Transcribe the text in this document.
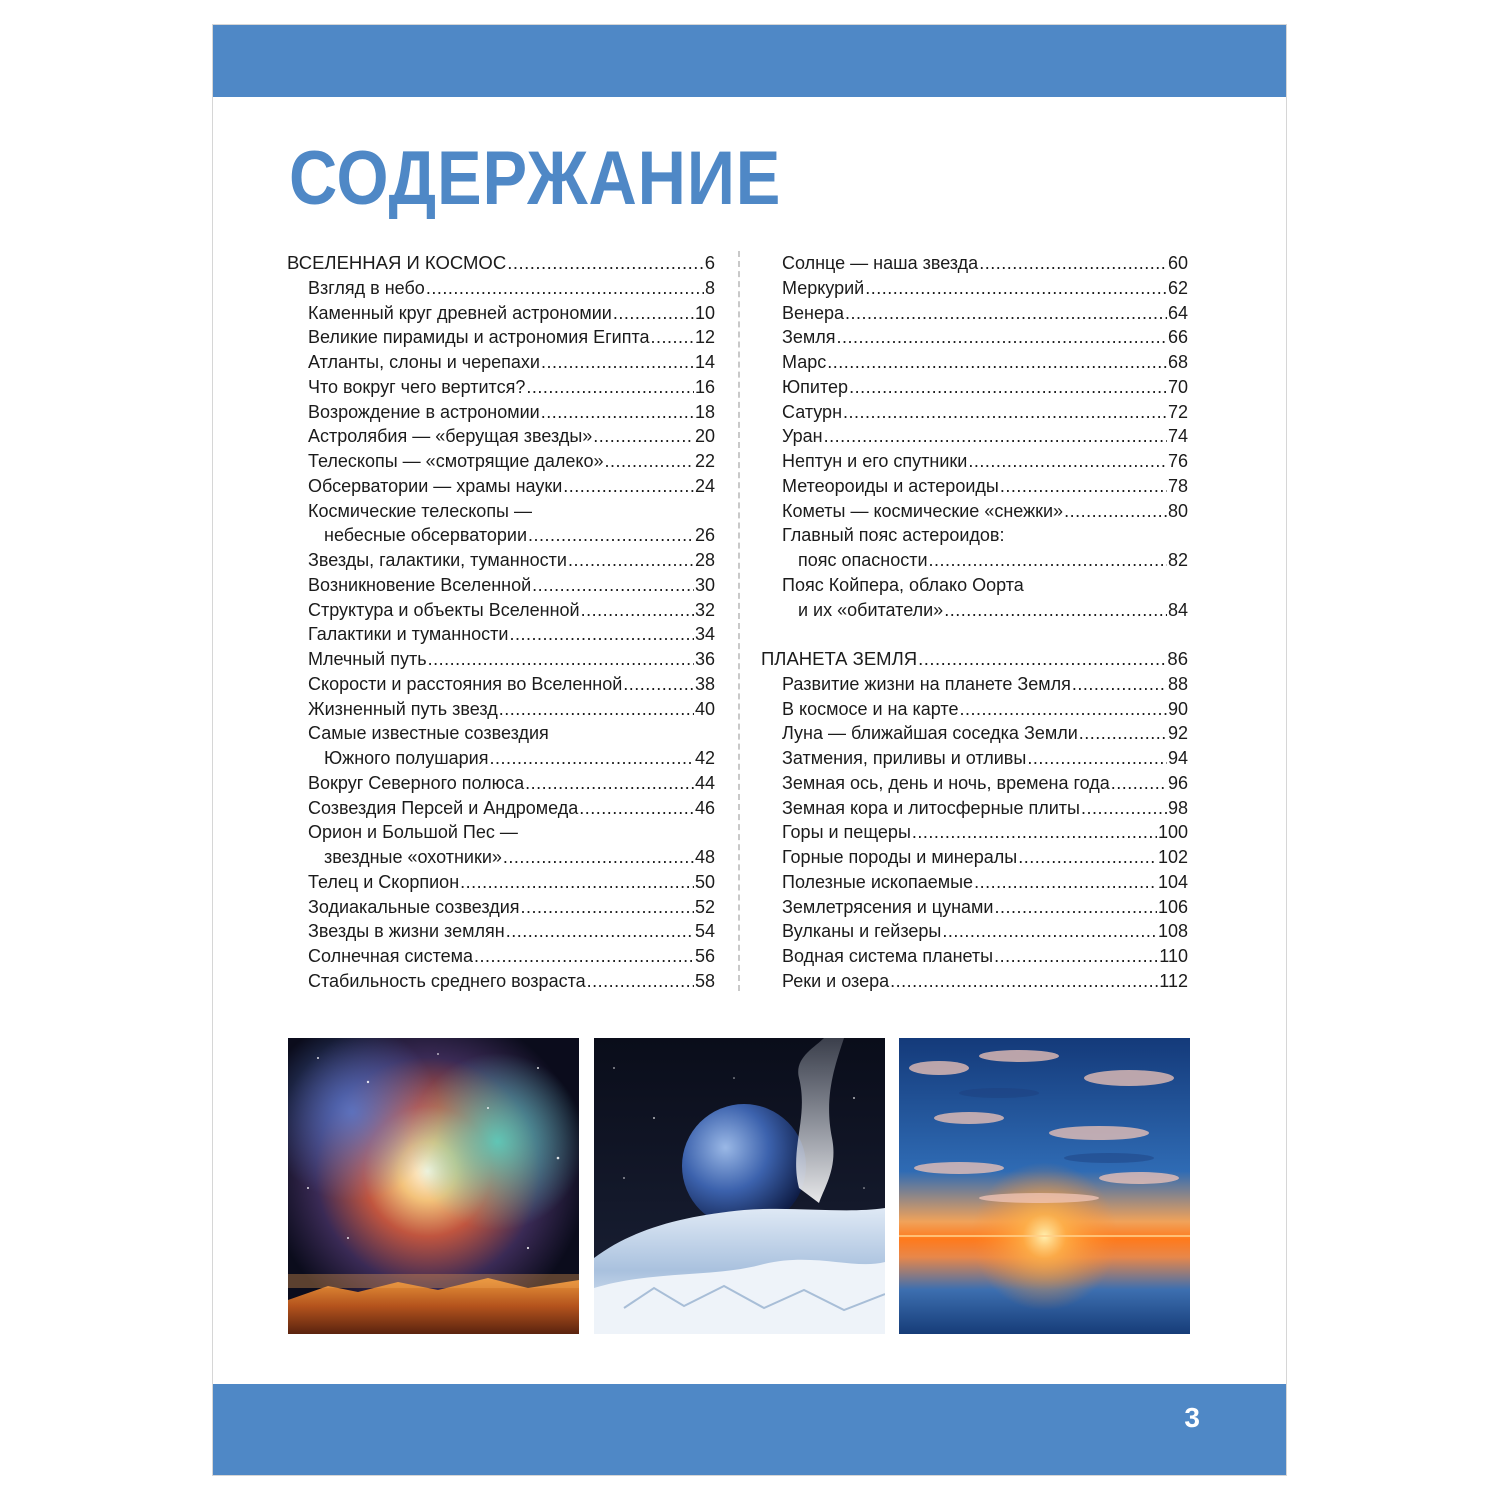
СОДЕРЖАНИЕ
ВСЕЛЕННАЯ И КОСМОС .....	6
Взгляд в небо .....	8
Каменный круг древней астрономии .....	10
Великие пирамиды и астрономия Египта .....	12
Атланты, слоны и черепахи .....	14
Что вокруг чего вертится? .....	16
Возрождение в астрономии .....	18
Астролябия — «берущая звезды» .....	20
Телескопы — «смотрящие далеко» .....	22
Обсерватории — храмы науки .....	24
Космические телескопы —
небесные обсерватории .....	26
Звезды, галактики, туманности .....	28
Возникновение Вселенной .....	30
Структура и объекты Вселенной .....	32
Галактики и туманности .....	34
Млечный путь .....	36
Скорости и расстояния во Вселенной .....	38
Жизненный путь звезд .....	40
Самые известные созвездия
Южного полушария .....	42
Вокруг Северного полюса .....	44
Созвездия Персей и Андромеда .....	46
Орион и Большой Пес —
звездные «охотники» .....	48
Телец и Скорпион .....	50
Зодиакальные созвездия .....	52
Звезды в жизни землян .....	54
Солнечная система .....	56
Стабильность среднего возраста .....	58
Солнце — наша звезда .....	60
Меркурий .....	62
Венера .....	64
Земля .....	66
Марс .....	68
Юпитер .....	70
Сатурн .....	72
Уран .....	74
Нептун и его спутники .....	76
Метеороиды и астероиды .....	78
Кометы — космические «снежки» .....	80
Главный пояс астероидов:
пояс опасности .....	82
Пояс Койпера, облако Оорта
и их «обитатели» .....	84
ПЛАНЕТА ЗЕМЛЯ .....	86
Развитие жизни на планете Земля .....	88
В космосе и на карте .....	90
Луна — ближайшая соседка Земли .....	92
Затмения, приливы и отливы .....	94
Земная ось, день и ночь, времена года .....	96
Земная кора и литосферные плиты .....	98
Горы и пещеры .....	100
Горные породы и минералы .....	102
Полезные ископаемые .....	104
Землетрясения и цунами .....	106
Вулканы и гейзеры .....	108
Водная система планеты .....	110
Реки и озера .....	112
3
